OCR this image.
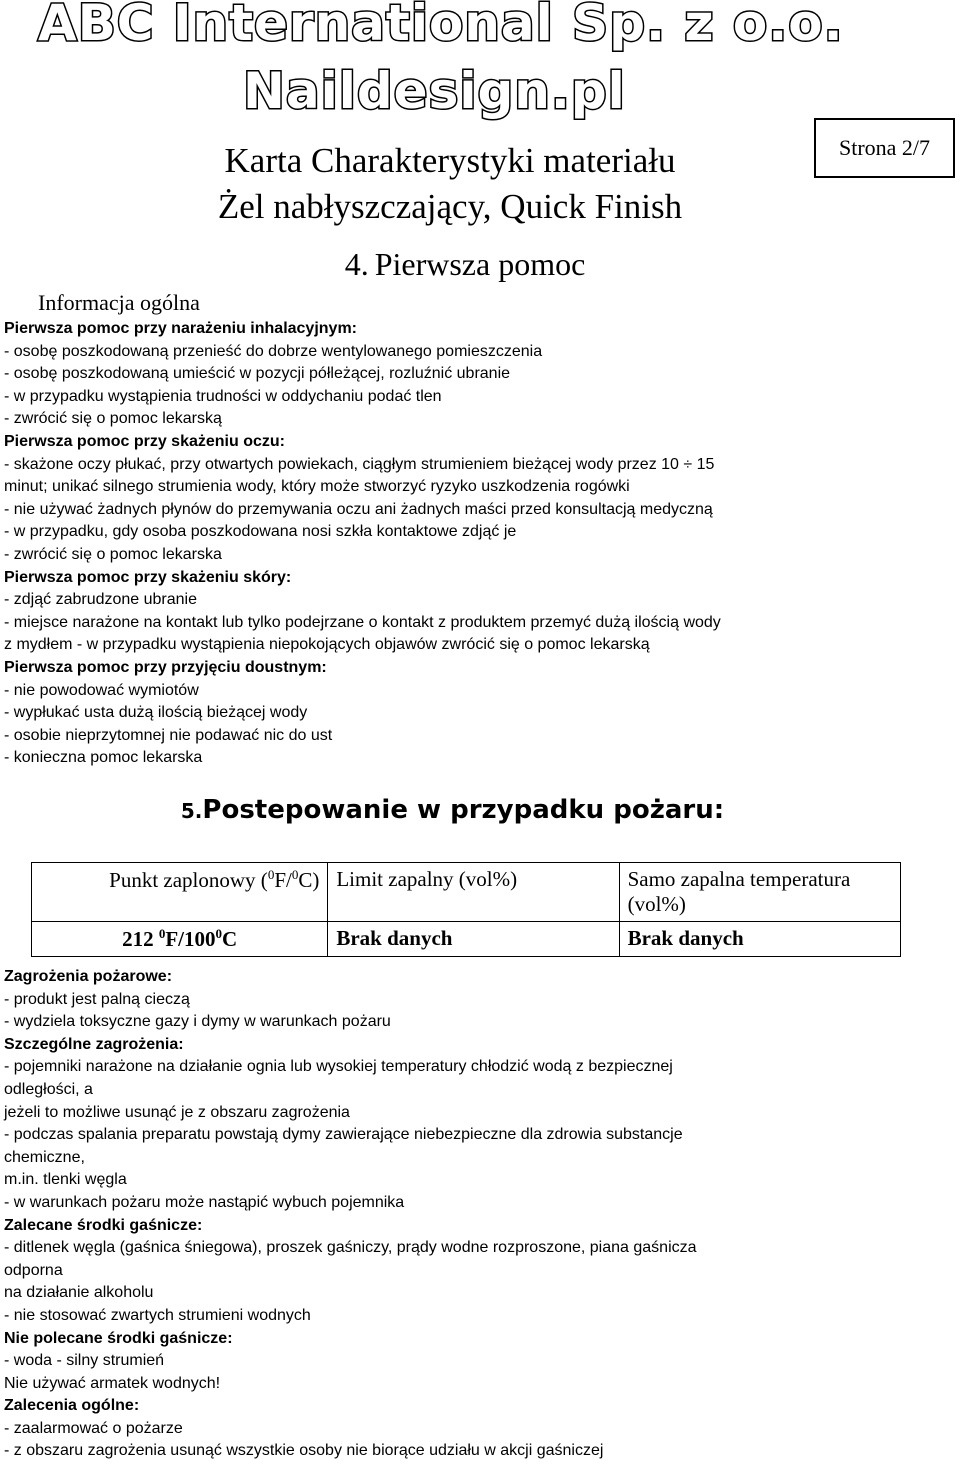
ABC International Sp. z o.o.
Naildesign.pl
Karta Charakterystyki materiału
Żel nabłyszczający, Quick Finish
Strona 2/7
4. Pierwsza pomoc
Informacja ogólna
Pierwsza pomoc przy narażeniu inhalacyjnym:
- osobę poszkodowaną przenieść do dobrze wentylowanego pomieszczenia
- osobę poszkodowaną umieścić w pozycji półleżącej, rozluźnić ubranie
- w przypadku wystąpienia trudności w oddychaniu podać tlen
- zwrócić się o pomoc lekarską
Pierwsza pomoc przy skażeniu oczu:
- skażone oczy płukać, przy otwartych powiekach, ciągłym strumieniem bieżącej wody przez 10 ÷ 15
minut; unikać silnego strumienia wody, który może stworzyć ryzyko uszkodzenia rogówki
- nie używać żadnych płynów do przemywania oczu ani żadnych maści przed konsultacją medyczną
- w przypadku, gdy osoba poszkodowana nosi szkła kontaktowe zdjąć je
- zwrócić się o pomoc lekarska
Pierwsza pomoc przy skażeniu skóry:
- zdjąć zabrudzone ubranie
- miejsce narażone na kontakt lub tylko podejrzane o kontakt z produktem przemyć dużą ilością wody
z mydłem - w przypadku wystąpienia niepokojących objawów zwrócić się o pomoc lekarską
Pierwsza pomoc przy przyjęciu doustnym:
- nie powodować wymiotów
- wypłukać usta dużą ilością bieżącej wody
- osobie nieprzytomnej nie podawać nic do ust
- konieczna pomoc lekarska
5.Postepowanie w przypadku pożaru:
Punkt zaplonowy ($^0$F/$^0$C)	Limit zapalny (vol%)	Samo zapalna temperatura (vol%)
212 $^0F/100^0C$	Brak danych	Brak danych
Zagrożenia pożarowe:
- produkt jest palną cieczą
- wydziela toksyczne gazy i dymy w warunkach pożaru
Szczególne zagrożenia:
- pojemniki narażone na działanie ognia lub wysokiej temperatury chłodzić wodą z bezpiecznej
odległości, a
jeżeli to możliwe usunąć je z obszaru zagrożenia
- podczas spalania preparatu powstają dymy zawierające niebezpieczne dla zdrowia substancje
chemiczne,
m.in. tlenki węgla
- w warunkach pożaru może nastąpić wybuch pojemnika
Zalecane środki gaśnicze:
- ditlenek węgla (gaśnica śniegowa), proszek gaśniczy, prądy wodne rozproszone, piana gaśnicza
odporna
na działanie alkoholu
- nie stosować zwartych strumieni wodnych
Nie polecane środki gaśnicze:
- woda - silny strumień
Nie używać armatek wodnych!
Zalecenia ogólne:
- zaalarmować o pożarze
- z obszaru zagrożenia usunąć wszystkie osoby nie biorące udziału w akcji gaśniczej
